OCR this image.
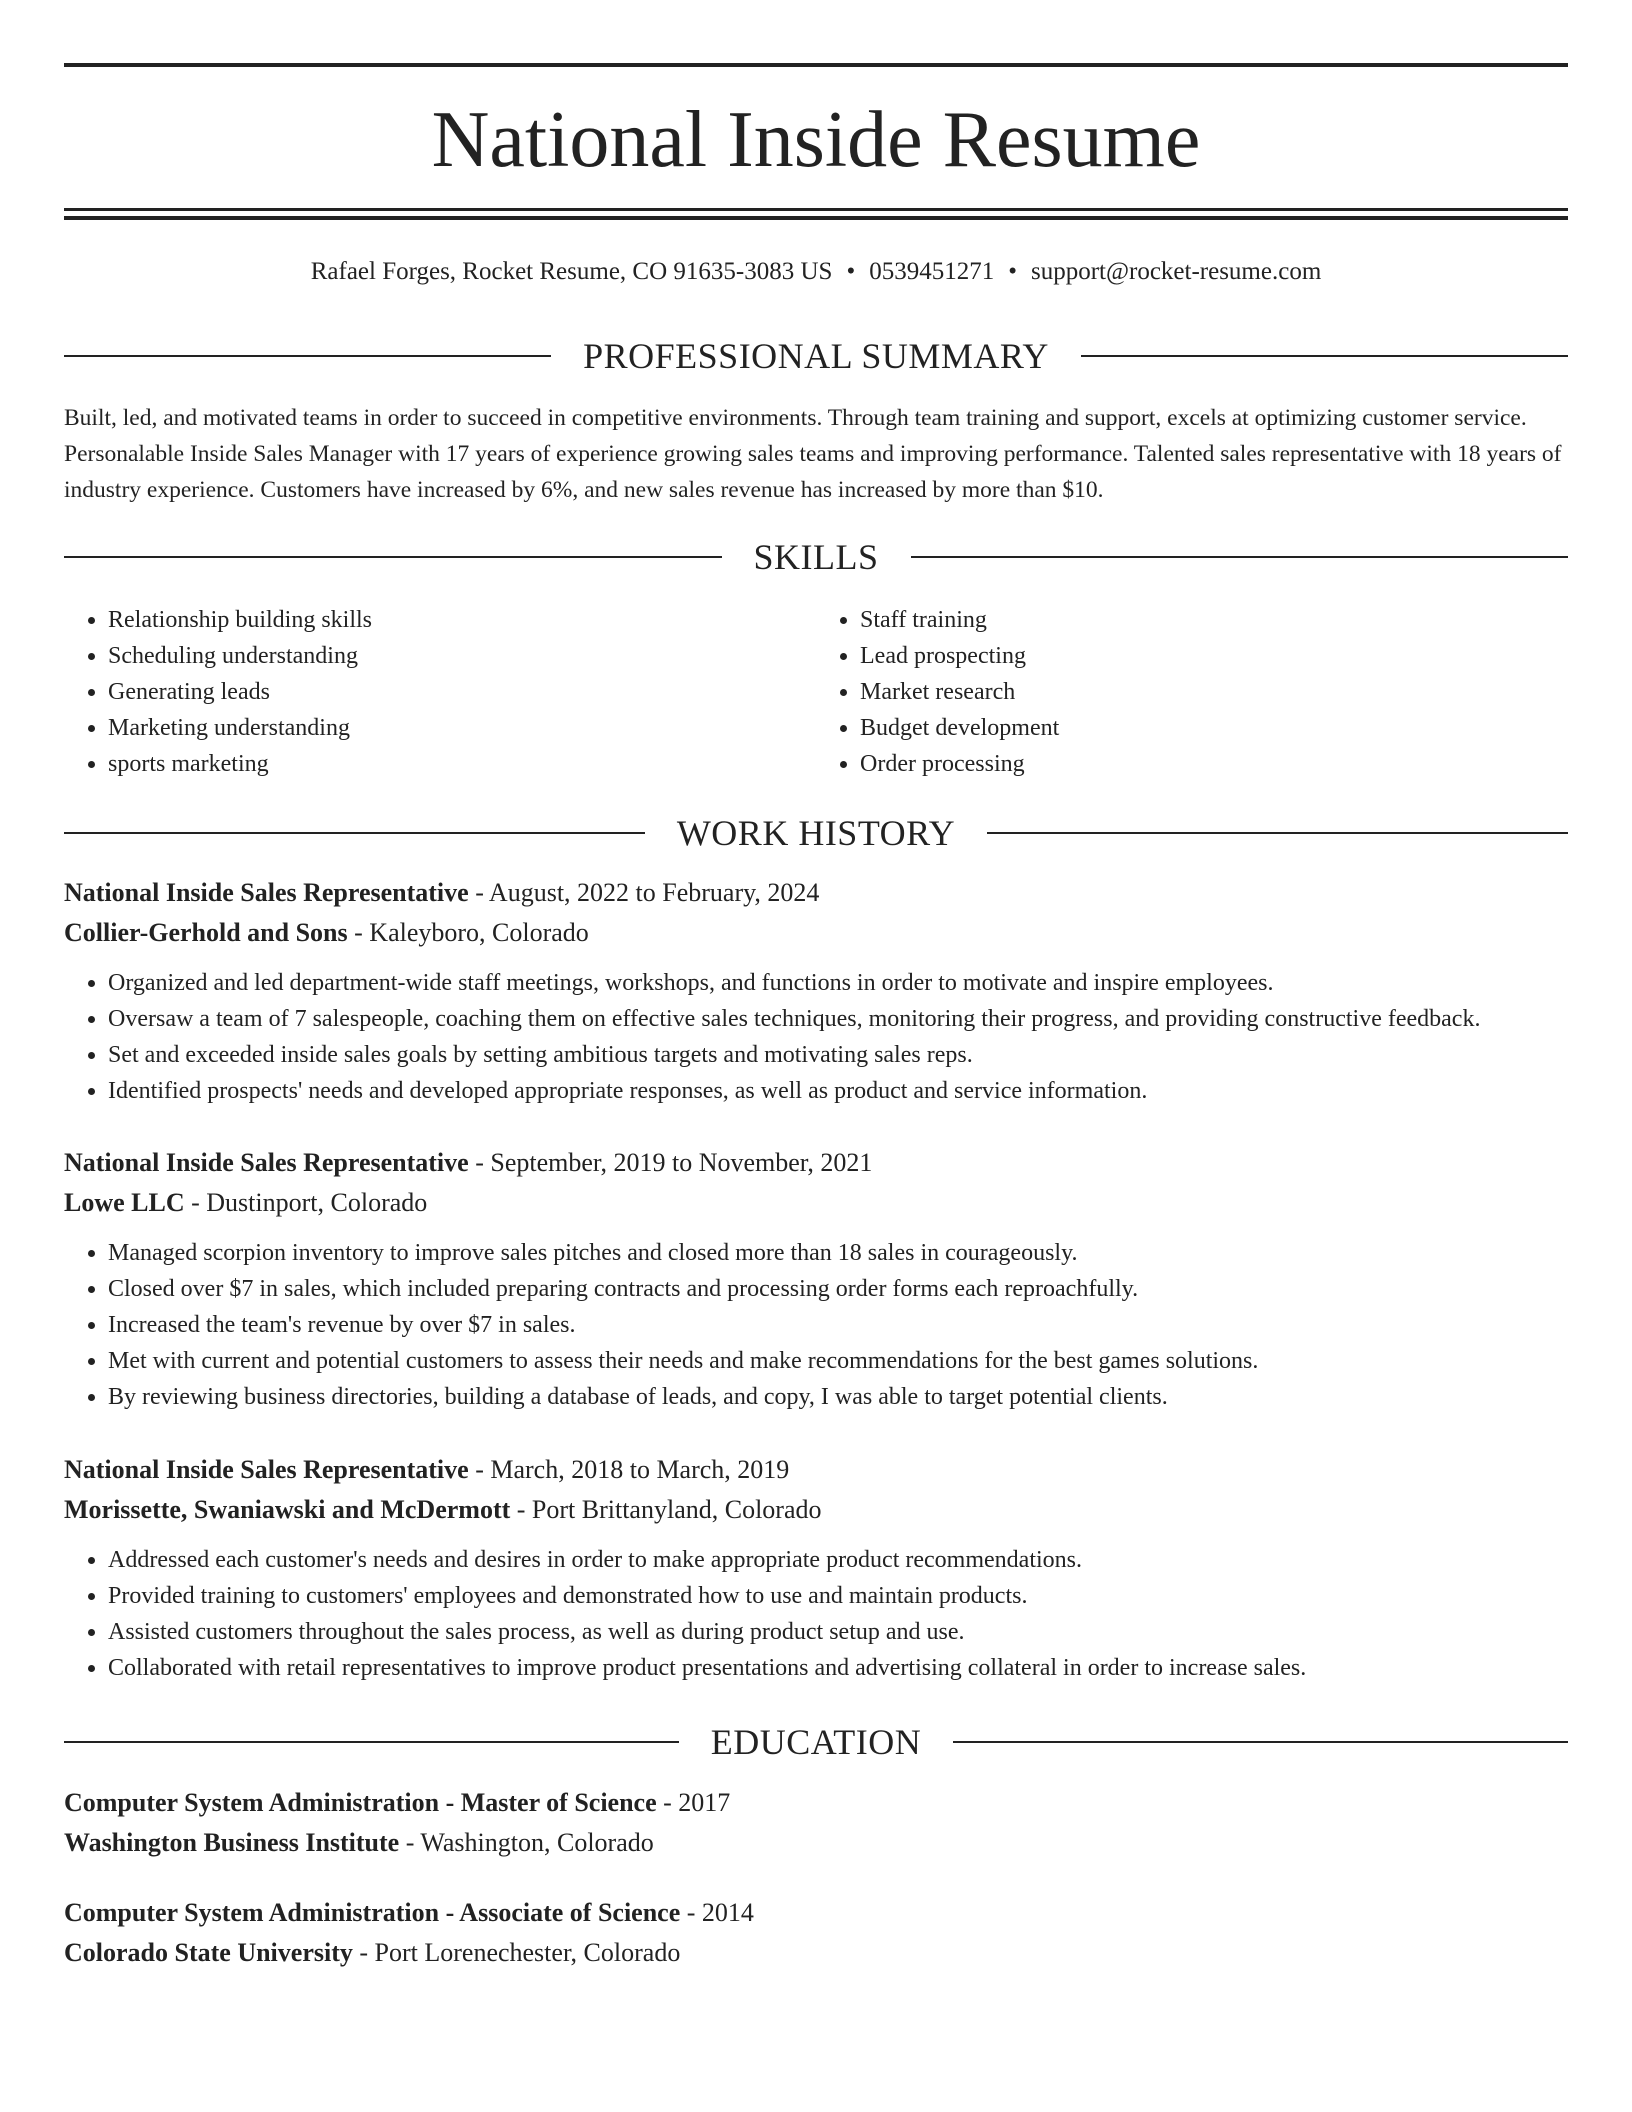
National Inside Resume
Rafael Forges, Rocket Resume, CO 91635-3083 US • 0539451271 • support@rocket-resume.com
PROFESSIONAL SUMMARY

Built, led, and motivated teams in order to succeed in competitive environments. Through team training and support, excels at optimizing customer service. Personalable Inside Sales Manager with 17 years of experience growing sales teams and improving performance. Talented sales representative with 18 years of industry experience. Customers have increased by 6%, and new sales revenue has increased by more than $10.

SKILLS
• Relationship building skills
• Scheduling understanding
• Generating leads
• Marketing understanding
• sports marketing
• Staff training
• Lead prospecting
• Market research
• Budget development
• Order processing
WORK HISTORY

National Inside Sales Representative - August, 2022 to February, 2024

Collier-Gerhold and Sons - Kaleyboro, Colorado

• Organized and led department-wide staff meetings, workshops, and functions in order to motivate and inspire employees.
• Oversaw a team of 7 salespeople, coaching them on effective sales techniques, monitoring their progress, and providing constructive feedback.
• Set and exceeded inside sales goals by setting ambitious targets and motivating sales reps.
• Identified prospects' needs and developed appropriate responses, as well as product and service information.

National Inside Sales Representative - September, 2019 to November, 2021

Lowe LLC - Dustinport, Colorado

• Managed scorpion inventory to improve sales pitches and closed more than 18 sales in courageously.
• Closed over $7 in sales, which included preparing contracts and processing order forms each reproachfully.
• Increased the team's revenue by over $7 in sales.
• Met with current and potential customers to assess their needs and make recommendations for the best games solutions.
• By reviewing business directories, building a database of leads, and copy, I was able to target potential clients.

National Inside Sales Representative - March, 2018 to March, 2019

Morissette, Swaniawski and McDermott - Port Brittanyland, Colorado

• Addressed each customer's needs and desires in order to make appropriate product recommendations.
• Provided training to customers' employees and demonstrated how to use and maintain products.
• Assisted customers throughout the sales process, as well as during product setup and use.
• Collaborated with retail representatives to improve product presentations and advertising collateral in order to increase sales.
EDUCATION

Computer System Administration - Master of Science - 2017

Washington Business Institute - Washington, Colorado

Computer System Administration - Associate of Science - 2014

Colorado State University - Port Lorenechester, Colorado
